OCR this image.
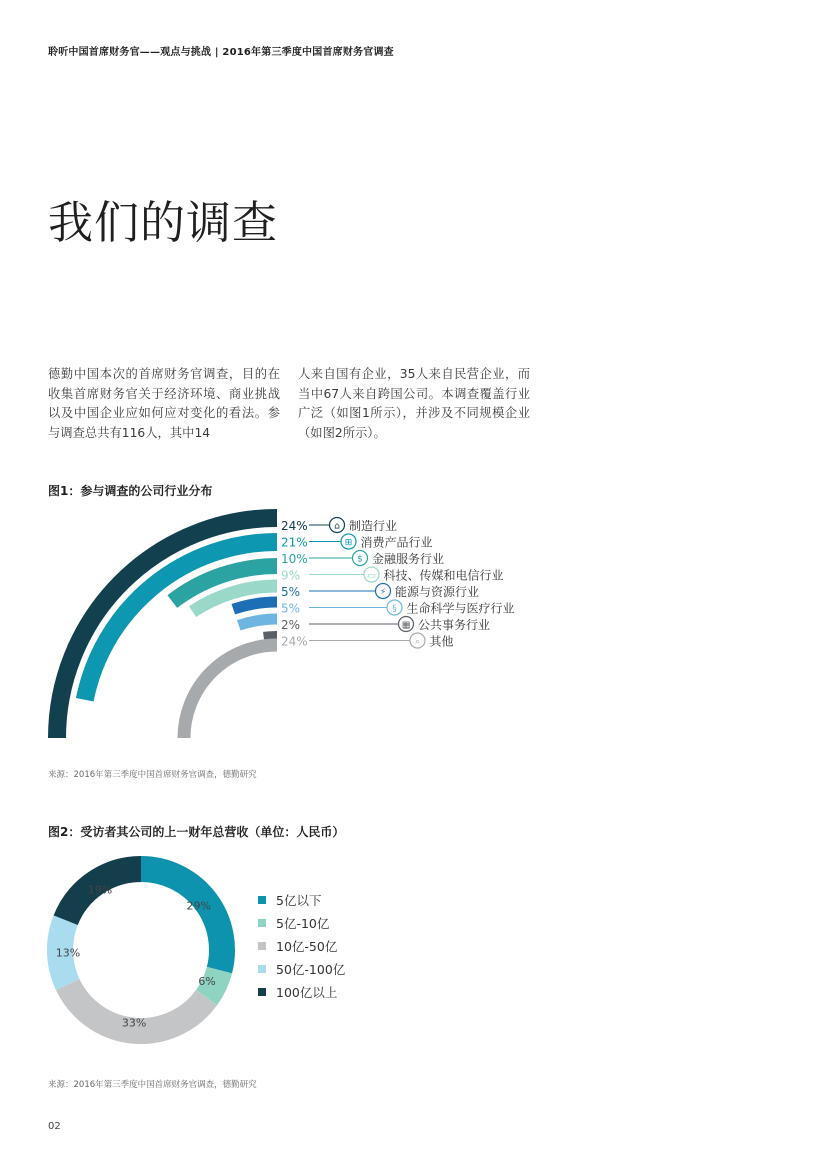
聆听中国首席财务官——观点与挑战 | 2016年第三季度中国首席财务官调查
我们的调查

德勤中国本次的首席财务官调查，目的在收集首席财务官关于经济环境、商业挑战以及中国企业应如何应对变化的看法。参与调查总共有116人，其中14

人来自国有企业，35人来自民营企业，而当中67人来自跨国公司。本调查覆盖行业广泛（如图1所示），并涉及不同规模企业（如图2所示）。

图1：参与调查的公司行业分布
24%	⌂ 制造行业
21%	⊞ 消费产品行业
10%	$ 金融服务行业
9%	▭ 科技、传媒和电信行业
5%	⚡ 能源与资源行业
5%	§ 生命科学与医疗行业
2%	▦ 公共事务行业
24%	⌕ 其他

来源：2016年第三季度中国首席财务官调查，德勤研究

图2：受访者其公司的上一财年总营收（单位：人民币）
29%
6%
33%
13%
19%
5亿以下
5亿-10亿
10亿-50亿
50亿-100亿
100亿以上

来源：2016年第三季度中国首席财务官调查，德勤研究

02
